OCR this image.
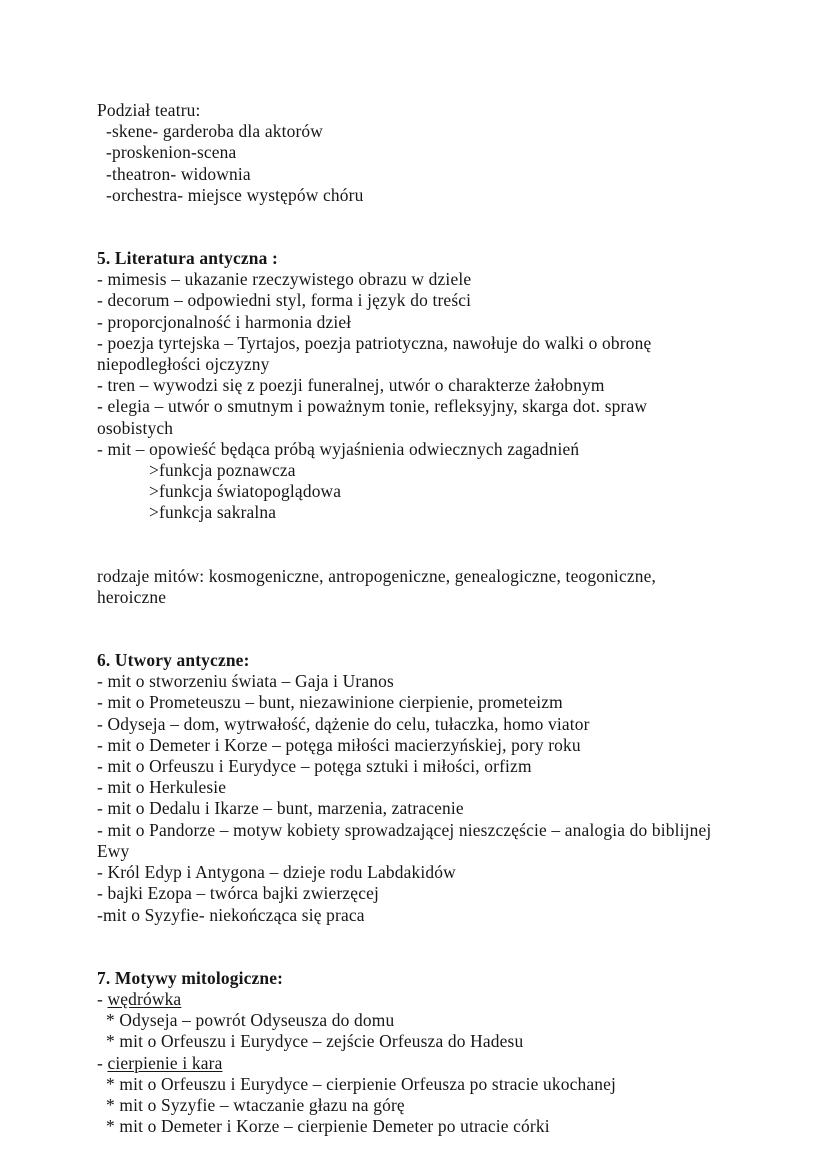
Podział teatru:
-skene- garderoba dla aktorów
-proskenion-scena
-theatron- widownia
-orchestra- miejsce występów chóru
5. Literatura antyczna :
- mimesis – ukazanie rzeczywistego obrazu w dziele
- decorum – odpowiedni styl, forma i język do treści
- proporcjonalność i harmonia dzieł
- poezja tyrtejska – Tyrtajos, poezja patriotyczna, nawołuje do walki o obronę niepodległości ojczyzny
- tren – wywodzi się z poezji funeralnej, utwór o charakterze żałobnym
- elegia – utwór o smutnym i poważnym tonie, refleksyjny, skarga dot. spraw osobistych
- mit – opowieść będąca próbą wyjaśnienia odwiecznych zagadnień
>funkcja poznawcza
>funkcja światopoglądowa
>funkcja sakralna
rodzaje mitów: kosmogeniczne, antropogeniczne, genealogiczne, teogoniczne, heroiczne
6. Utwory antyczne:
- mit o stworzeniu świata – Gaja i Uranos
- mit o Prometeuszu – bunt, niezawinione cierpienie, prometeizm
- Odyseja – dom, wytrwałość, dążenie do celu, tułaczka, homo viator
- mit o Demeter i Korze – potęga miłości macierzyńskiej, pory roku
- mit o Orfeuszu i Eurydyce – potęga sztuki i miłości, orfizm
- mit o Herkulesie
- mit o Dedalu i Ikarze – bunt, marzenia, zatracenie
- mit o Pandorze – motyw kobiety sprowadzającej nieszczęście – analogia do biblijnej Ewy
- Król Edyp i Antygona – dzieje rodu Labdakidów
- bajki Ezopa – twórca bajki zwierzęcej
-mit o Syzyfie- niekończąca się praca
7. Motywy mitologiczne:
- wędrówka
* Odyseja – powrót Odyseusza do domu
* mit o Orfeuszu i Eurydyce – zejście Orfeusza do Hadesu
- cierpienie i kara
* mit o Orfeuszu i Eurydyce – cierpienie Orfeusza po stracie ukochanej
* mit o Syzyfie – wtaczanie głazu na górę
* mit o Demeter i Korze – cierpienie Demeter po utracie córki
